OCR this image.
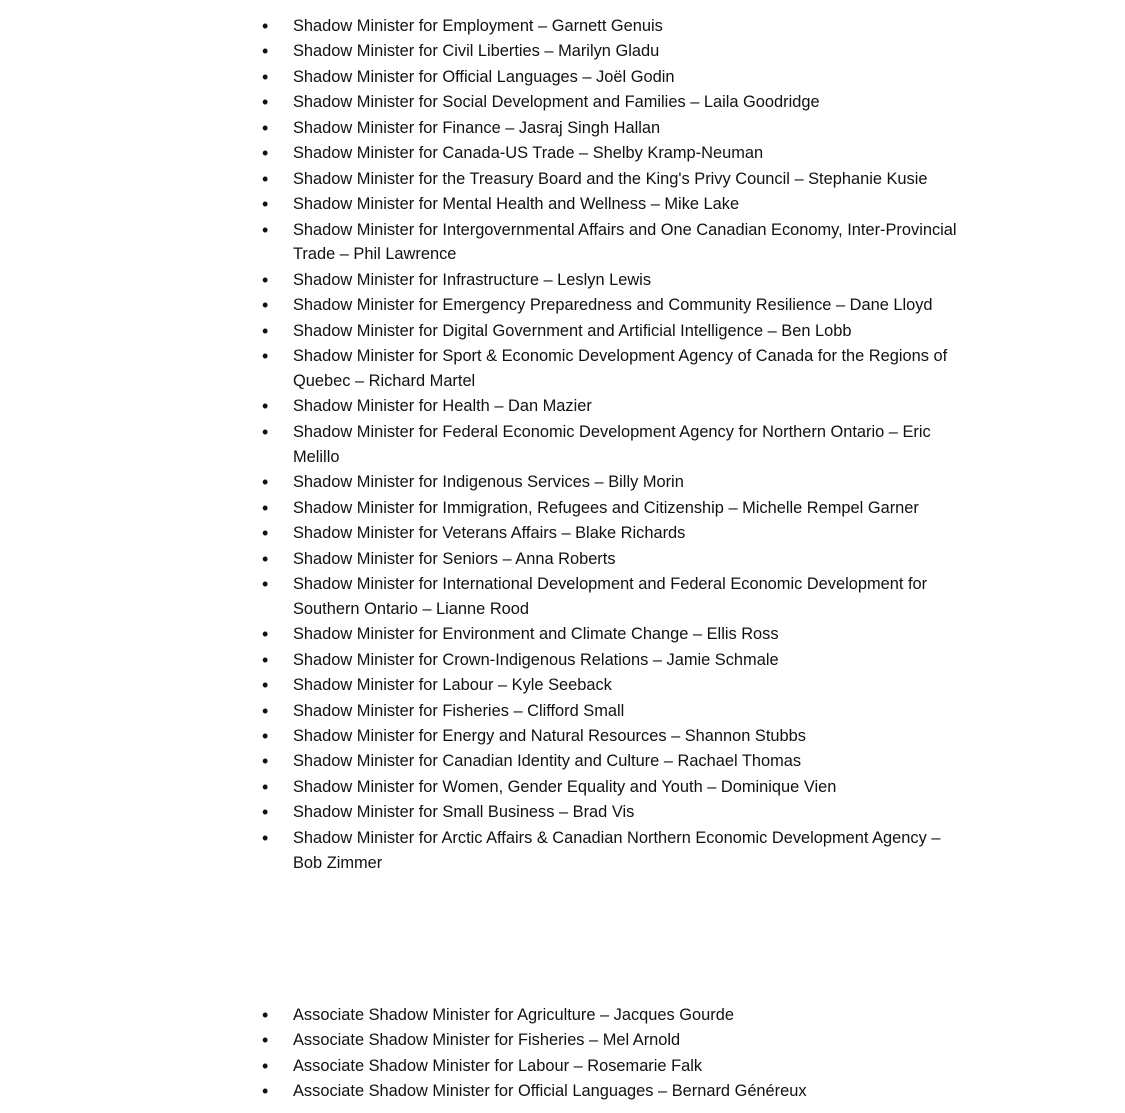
• Shadow Minister for Employment – Garnett Genuis
• Shadow Minister for Civil Liberties – Marilyn Gladu
• Shadow Minister for Official Languages – Joël Godin
• Shadow Minister for Social Development and Families – Laila Goodridge
• Shadow Minister for Finance – Jasraj Singh Hallan
• Shadow Minister for Canada-US Trade – Shelby Kramp-Neuman
• Shadow Minister for the Treasury Board and the King's Privy Council – Stephanie Kusie
• Shadow Minister for Mental Health and Wellness – Mike Lake
• Shadow Minister for Intergovernmental Affairs and One Canadian Economy, Inter-Provincial Trade – Phil Lawrence
• Shadow Minister for Infrastructure – Leslyn Lewis
• Shadow Minister for Emergency Preparedness and Community Resilience – Dane Lloyd
• Shadow Minister for Digital Government and Artificial Intelligence – Ben Lobb
• Shadow Minister for Sport & Economic Development Agency of Canada for the Regions of Quebec – Richard Martel
• Shadow Minister for Health – Dan Mazier
• Shadow Minister for Federal Economic Development Agency for Northern Ontario – Eric Melillo
• Shadow Minister for Indigenous Services – Billy Morin
• Shadow Minister for Immigration, Refugees and Citizenship – Michelle Rempel Garner
• Shadow Minister for Veterans Affairs – Blake Richards
• Shadow Minister for Seniors – Anna Roberts
• Shadow Minister for International Development and Federal Economic Development for Southern Ontario – Lianne Rood
• Shadow Minister for Environment and Climate Change – Ellis Ross
• Shadow Minister for Crown-Indigenous Relations – Jamie Schmale
• Shadow Minister for Labour – Kyle Seeback
• Shadow Minister for Fisheries – Clifford Small
• Shadow Minister for Energy and Natural Resources – Shannon Stubbs
• Shadow Minister for Canadian Identity and Culture – Rachael Thomas
• Shadow Minister for Women, Gender Equality and Youth – Dominique Vien
• Shadow Minister for Small Business – Brad Vis
• Shadow Minister for Arctic Affairs & Canadian Northern Economic Development Agency – Bob Zimmer
• Associate Shadow Minister for Agriculture – Jacques Gourde
• Associate Shadow Minister for Fisheries – Mel Arnold
• Associate Shadow Minister for Labour – Rosemarie Falk
• Associate Shadow Minister for Official Languages – Bernard Généreux
